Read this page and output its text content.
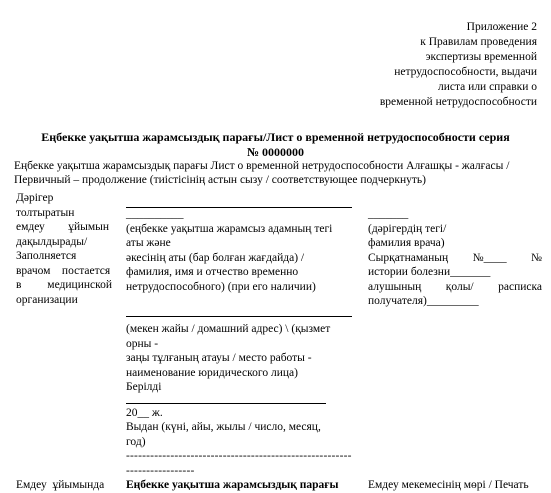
Приложение 2
к Правилам проведения
экспертизы временной
нетрудоспособности, выдачи
листа или справки о
временной нетрудоспособности
Еңбекке уақытша жарамсыздық парағы/Лист о временной нетрудоспособности серия
№ 0000000
Еңбекке уақытша жарамсыздық парағы Лист о временной нетрудоспособности Алғашқы - жалғасы / Первичный – продолжение (тиістісінің астын сызу / соответствующее подчеркнуть)
Дәрігер
толтыратын
емдеу    ұйымын
дақылдырады/
Заполняется
врачом    постается
в         медицинской
организации
__________
(еңбекке уақытша жарамсыз адамның тегі
аты және
әкесінің аты (бар болған жағдайда) /
фамилия, имя и отчество временно
нетрудоспособного) (при его наличии)
(мекен жайы / домашний адрес) \ (қызмет
орны -
заңы тұлғаның атауы / место работы -
наименование юридического лица)
Берілді
20__ ж.
Выдан (күні, айы, жылы / число, месяц,
год)
--------------------------------------------------------
-----------------
_______
(дәрігердің тегі/
фамилия врача)
Сырқатнаманың №____ №
истории болезни_______
алушының қолы/ расписка
получателя)_________
Емдеу  ұйымында Еңбекке уақытша жарамсыздық парағы	Емдеу мекемесінің мөрі / Печать
